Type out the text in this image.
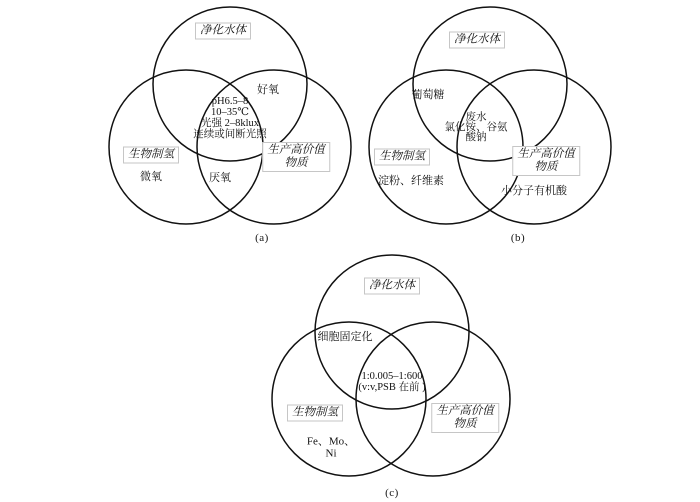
净化水体
好氧
pH6.5–8
10–35℃
光强 2–8klux
连续或间断光照
生物制氢
微氧
生产高价值
物质
厌氧
(a)
净化水体
葡萄糖
废水
氯化铵、谷氨
酸钠
生物制氢
淀粉、纤维素
生产高价值
物质
小分子有机酸
(b)
净化水体
细胞固定化
1:0.005–1:600
(v:v,PSB 在前 )
生物制氢
Fe、Mo、
Ni
生产高价值
物质
(c)
